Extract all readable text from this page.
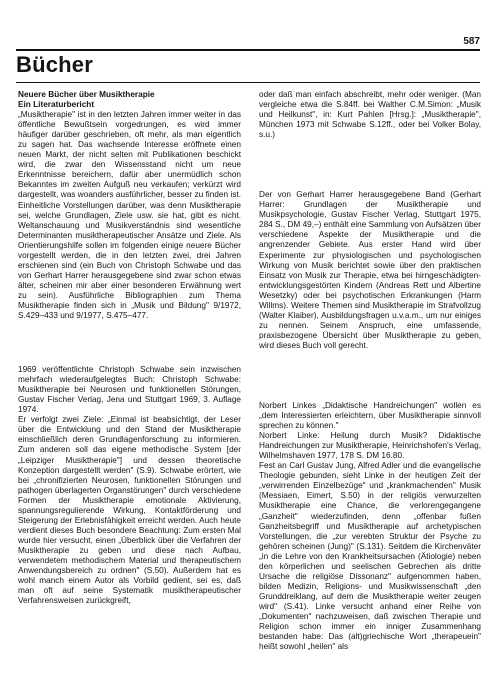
587
Bücher

Neuere Bücher über Musiktherapie

Ein Literaturbericht

„Musiktherapie" ist in den letzten Jahren immer weiter in das öffentliche Bewußtsein vorgedrungen, es wird immer häufiger darüber geschrieben, oft mehr, als man eigentlich zu sagen hat. Das wachsende Interesse eröffnete einen neuen Markt, der nicht selten mit Publikationen beschickt wird, die zwar den Wissensstand nicht um neue Erkenntnisse bereichern, dafür aber unermüdlich schon Bekanntes im zweiten Aufguß neu verkaufen; verkürzt wird dargestellt, was woanders ausführlicher, besser zu finden ist. Einheitliche Vorstellungen darüber, was denn Musiktherapie sei, welche Grundlagen, Ziele usw. sie hat, gibt es nicht. Weltanschauung und Musikverständnis sind wesentliche Determinanten musiktherapeutischer Ansätze und Ziele. Als Orientierungshilfe sollen im folgenden einige neuere Bücher vorgestellt werden, die in den letzten zwei, drei Jahren erschienen sind (ein Buch von Christoph Schwabe und das von Gerhart Harrer herausgegebene sind zwar schon etwas älter, scheinen mir aber einer besonderen Erwähnung wert zu sein). Ausführliche Bibliographien zum Thema Musiktherapie finden sich in „Musik und Bildung" 9/1972, S.429–433 und 9/1977, S.475–477.

1969 veröffentlichte Christoph Schwabe sein inzwischen mehrfach wiederaufgelegtes Buch: Christoph Schwabe: Musiktherapie bei Neurosen und funktionellen Störungen, Gustav Fischer Verlag, Jena und Stuttgart 1969, 3. Auflage 1974.

Er verfolgt zwei Ziele: „Einmal ist beabsichtigt, der Leser über die Entwicklung und den Stand der Musiktherapie einschließlich deren Grundlagenforschung zu informieren. Zum anderen soll das eigene methodische System [der „Leipziger Musiktherapie"] und dessen theoretische Konzeption dargestellt werden" (S.9). Schwabe erörtert, wie bei „chronifizierten Neurosen, funktionellen Störungen und pathogen überlagerten Organstörungen" durch verschiedene Formen der Musiktherapie emotionale Aktivierung, spannungsregulierende Wirkung, Kontaktförderung und Steigerung der Erlebnisfähigkeit erreicht werden. Auch heute verdient dieses Buch besondere Beachtung: Zum ersten Mal wurde hier versucht, einen „Überblick über die Verfahren der Musiktherapie zu geben und diese nach Aufbau, verwendetem methodischem Material und therapeutischem Anwendungsbereich zu ordnen" (S.50). Außerdem hat es wohl manch einem Autor als Vorbild gedient, sei es, daß man oft auf seine Systematik musiktherapeutischer Verfahrensweisen zurückgreift,

oder daß man einfach abschreibt, mehr oder weniger. (Man vergleiche etwa die S.84ff. bei Walther C.M.Simon: „Musik und Heilkunst", in: Kurt Pahlen [Hrsg.]: „Musiktherapie", München 1973 mit Schwabe S.12ff., oder bei Volker Bolay, s.u.)

Der von Gerhart Harrer herausgegebene Band (Gerhart Harrer: Grundlagen der Musiktherapie und Musikpsychologie, Gustav Fischer Verlag, Stuttgart 1975, 284 S., DM 49,–) enthält eine Sammlung von Aufsätzen über verschiedene Aspekte der Musiktherapie und die angrenzender Gebiete. Aus erster Hand wird über Experimente zur physiologischen und psychologischen Wirkung von Musik berichtet sowie über den praktischen Einsatz von Musik zur Therapie, etwa bei hirngeschädigten-entwicklungsgestörten Kindern (Andreas Rett und Albertine Wesetzky) oder bei psychotischen Erkrankungen (Harm Willms). Weitere Themen sind Musiktherapie im Strafvollzug (Walter Klaiber), Ausbildungsfragen u.v.a.m., um nur einiges zu nennen. Seinem Anspruch, eine umfassende, praxisbezogene Übersicht über Musiktherapie zu geben, wird dieses Buch voll gerecht.

Norbert Linkes „Didaktische Handreichungen" wollen es „dem Interessierten erleichtern, über Musiktherapie sinnvoll sprechen zu können."

Norbert Linke: Heilung durch Musik? Didaktische Handreichungen zur Musiktherapie, Heinrichshofen's Verlag, Wilhelmshaven 1977, 178 S. DM 16.80.

Fest an Carl Gustav Jung, Alfred Adler und die evangelische Theologie gebunden, sieht Linke in der heutigen Zeit der „verwirrenden Einzelbezüge" und „krankmachenden" Musik (Messiaen, Eimert, S.50) in der religiös verwurzelten Musiktherapie eine Chance, die verlorengegangene „Ganzheit" wiederzufinden, denn „offenbar fußen Ganzheitsbegriff und Musiktherapie auf archetypischen Vorstellungen, die „zur verebten Struktur der Psyche zu gehören scheinen (Jung)" (S.131). Seitdem die Kirchenväter „in die Lehre von den Krankheitsursachen (Ätiologie) neben den körperlichen und seelischen Gebrechen als dritte Ursache die religiöse Dissonanz" aufgenommen haben, bilden Medizin, Religions- und Musikwissenschaft „den Grunddreiklang, auf dem die Musiktherapie weiter zeugen wird" (S.41). Linke versucht anhand einer Reihe von „Dokumenten" nachzuweisen, daß zwischen Therapie und Religion schon immer ein inniger Zusammenhang bestanden habe: Das (alt)griechische Wort „therapeuein" heißt sowohl „heilen" als
